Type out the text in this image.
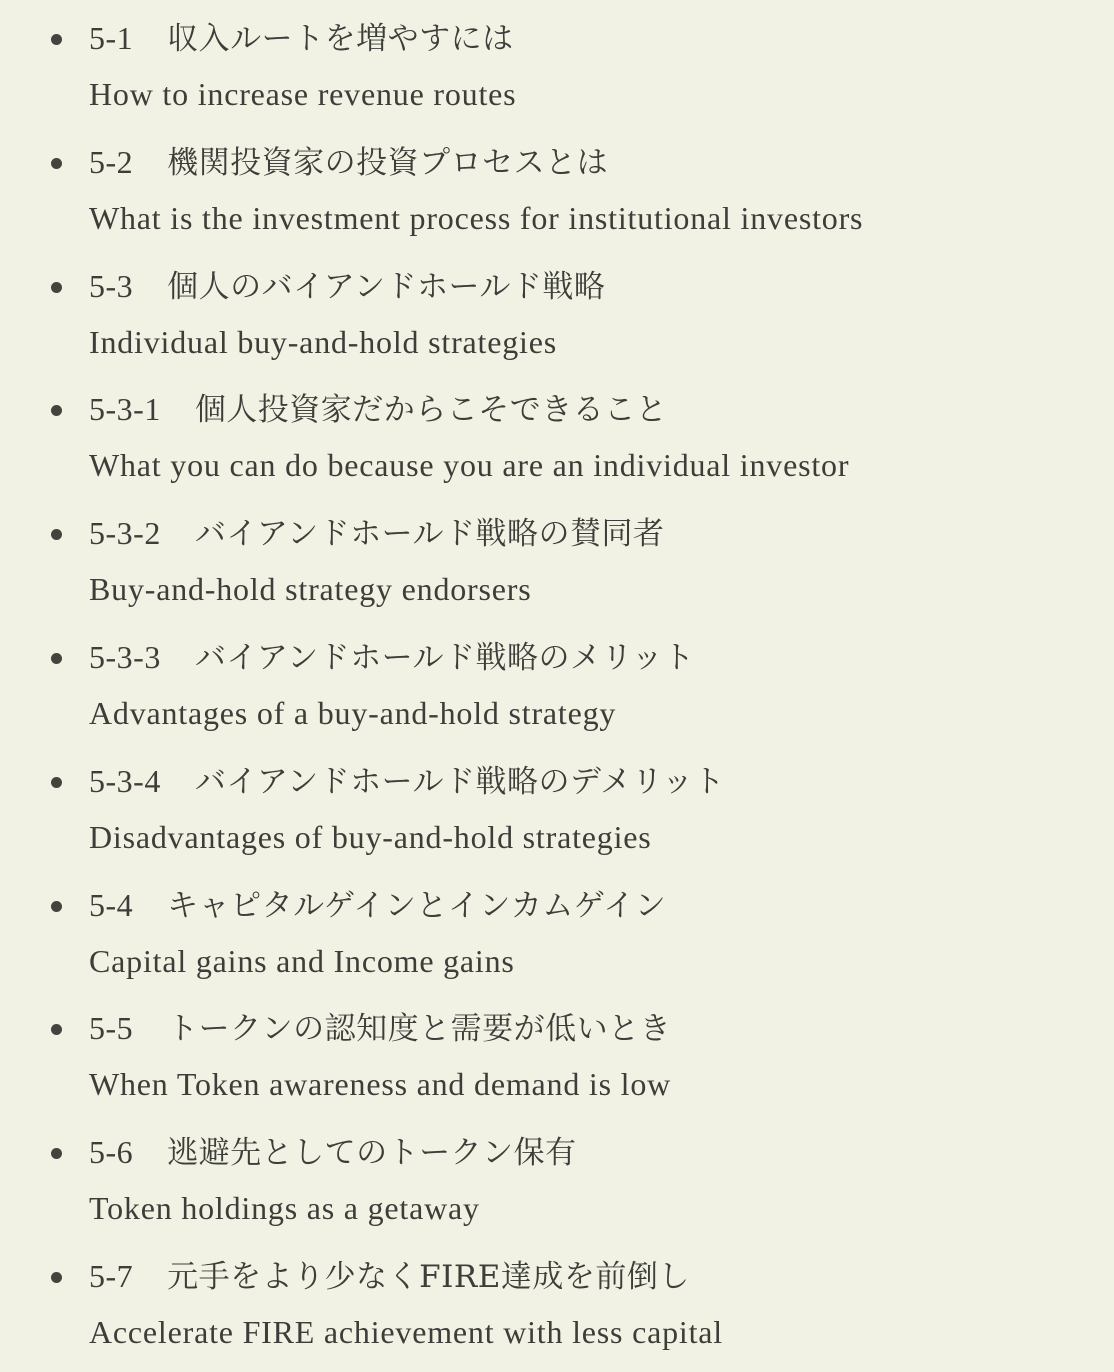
5-1 収入ルートを増やすには
How to increase revenue routes
5-2 機関投資家の投資プロセスとは
What is the investment process for institutional investors
5-3 個人のバイアンドホールド戦略
Individual buy-and-hold strategies
5-3-1 個人投資家だからこそできること
What you can do because you are an individual investor
5-3-2 バイアンドホールド戦略の賛同者
Buy-and-hold strategy endorsers
5-3-3 バイアンドホールド戦略のメリット
Advantages of a buy-and-hold strategy
5-3-4 バイアンドホールド戦略のデメリット
Disadvantages of buy-and-hold strategies
5-4 キャピタルゲインとインカムゲイン
Capital gains and Income gains
5-5 トークンの認知度と需要が低いとき
When Token awareness and demand is low
5-6 逃避先としてのトークン保有
Token holdings as a getaway
5-7 元手をより少なくFIRE達成を前倒し
Accelerate FIRE achievement with less capital
